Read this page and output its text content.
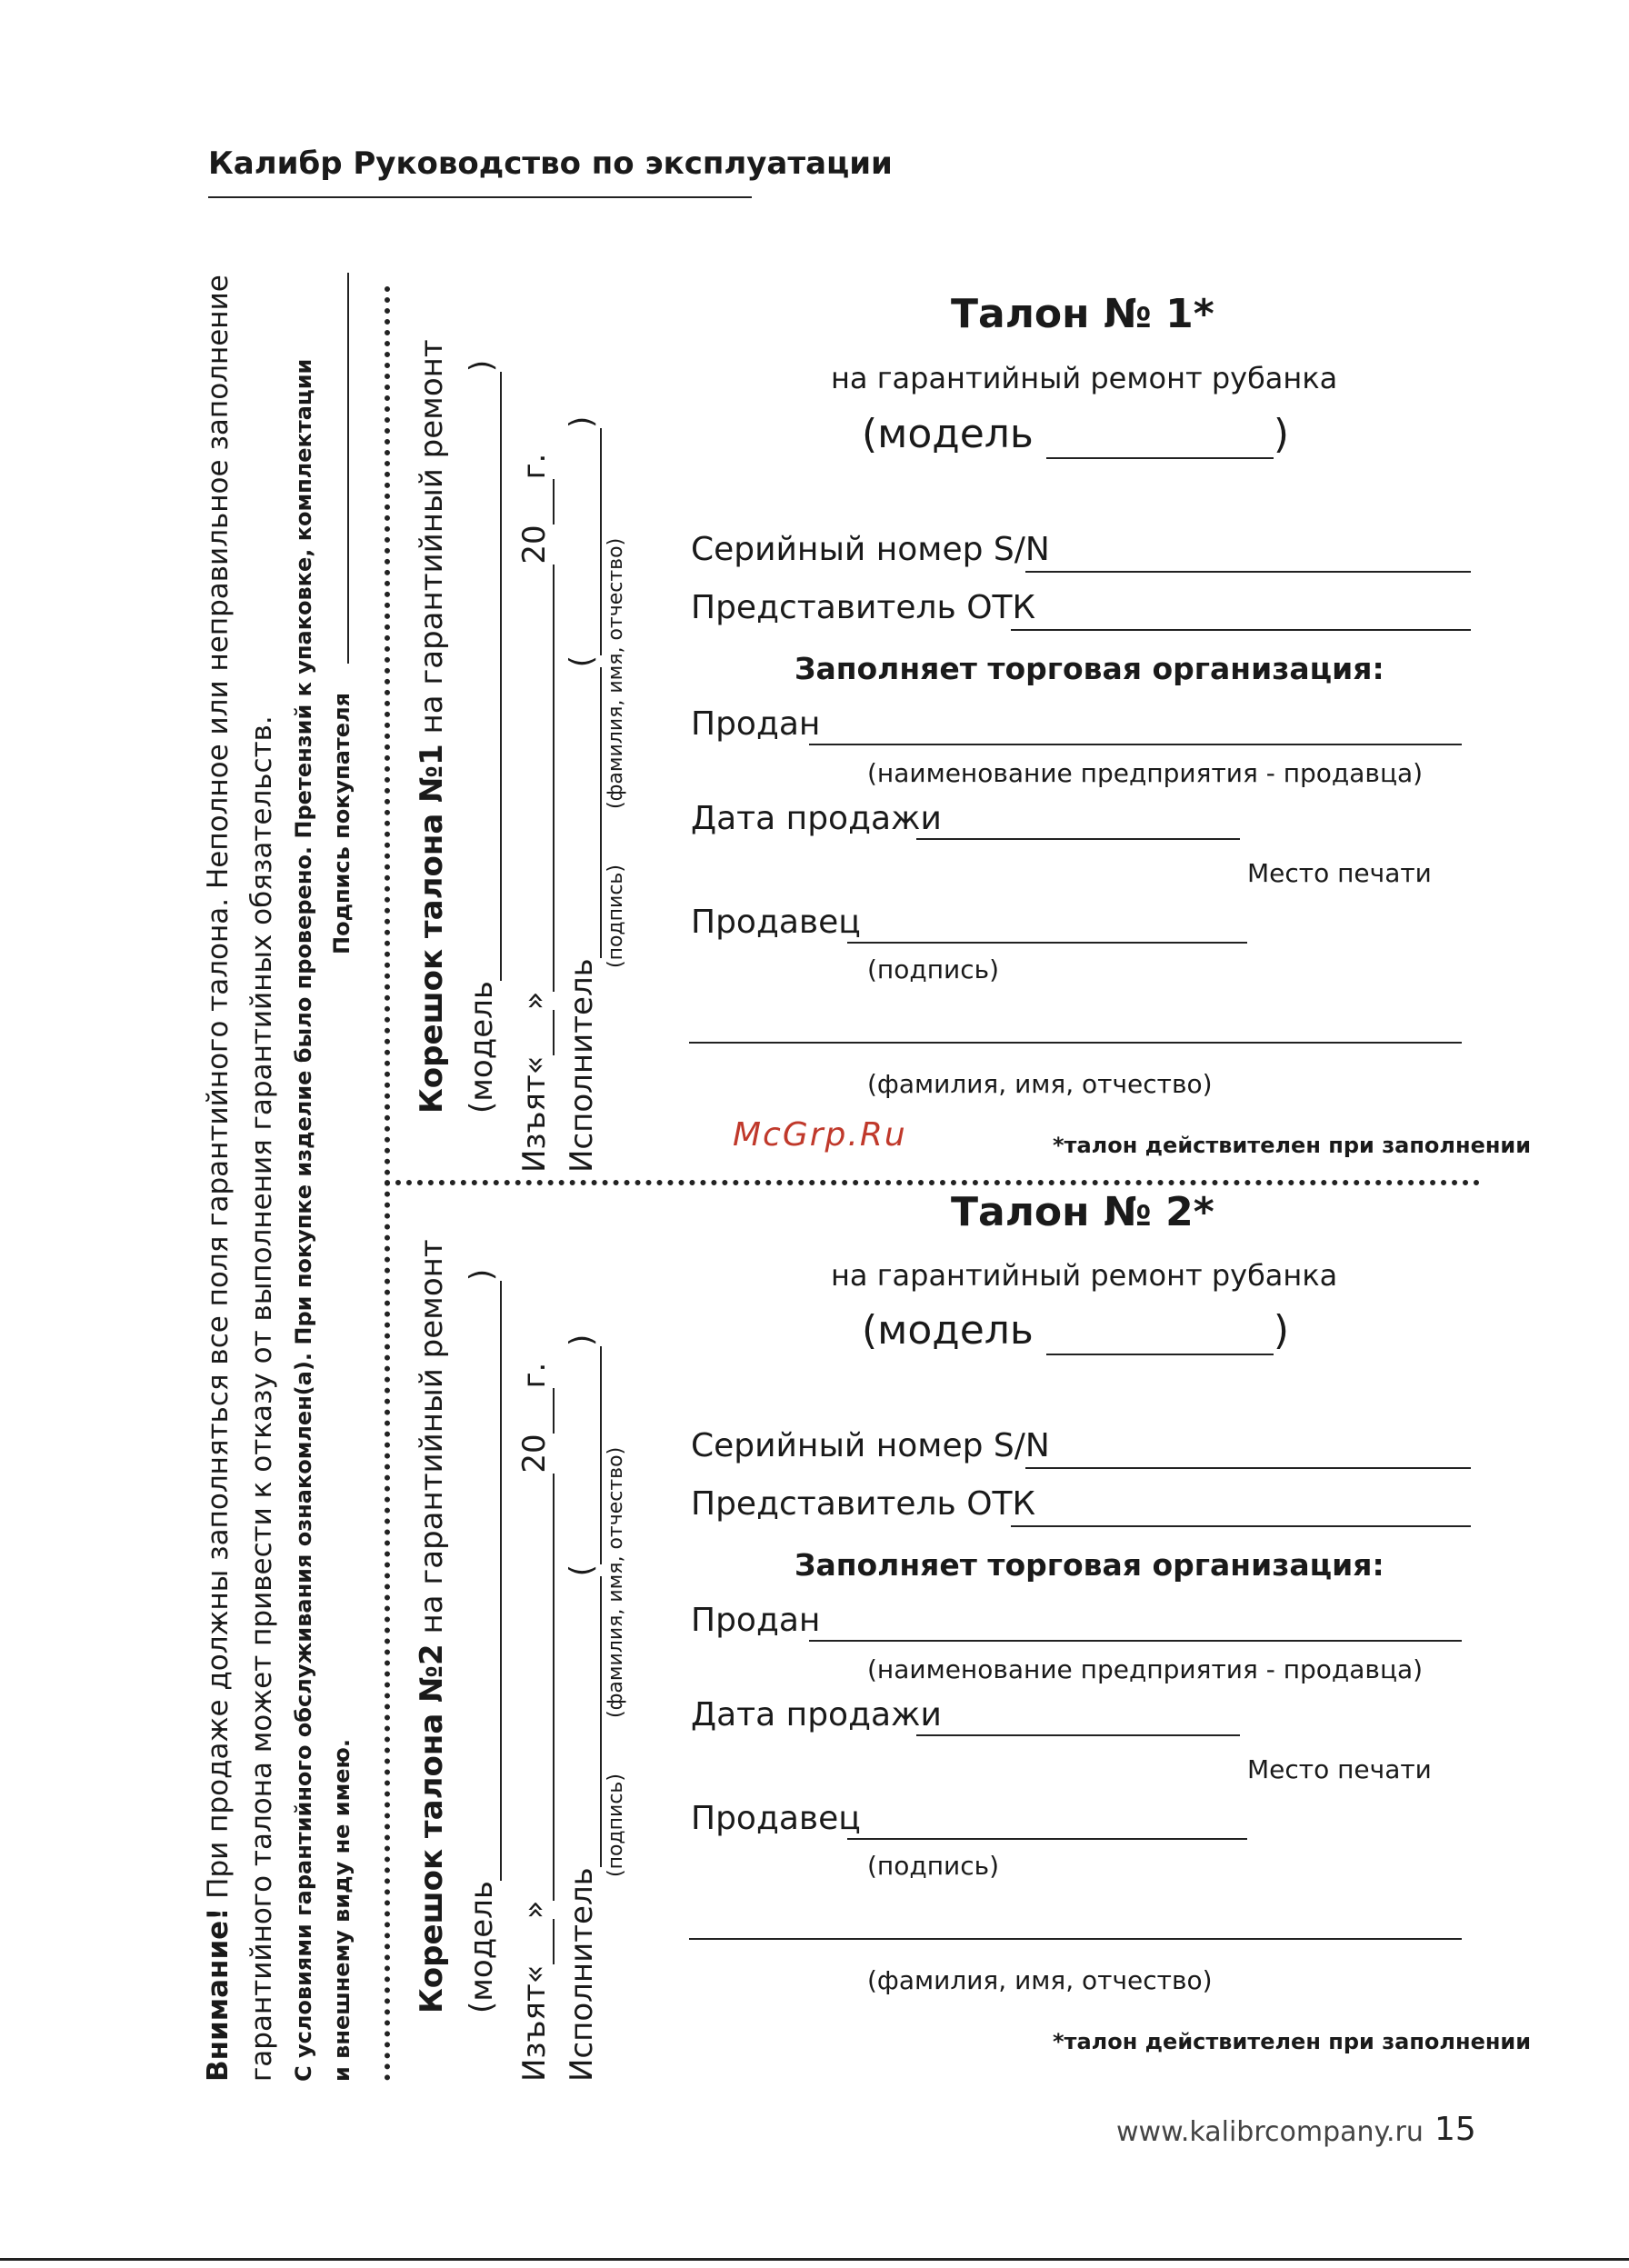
Калибр Руководство по эксплуатации
Внимание! При продаже должны заполняться все поля гарантийного талона. Неполное или неправильное заполнение гарантийного талона может привести к отказу от выполнения гарантийных обязательств. С условиями гарантийного обслуживания ознакомлен(а). При покупке изделие было проверено. Претензий к упаковке, комплектации и внешнему виду не имею.
Подпись покупателя
Корешок талона №2 на гарантийный ремонт
(модель )
Изъят« » 20 г.
Исполнитель  ( )
(подпись)
(фамилия, имя, отчество)
Корешок талона №1 на гарантийный ремонт
(модель )
Изъят« » 20 г.
Исполнитель  ( )
(подпись)
(фамилия, имя, отчество)
Талон № 1*
на гарантийный ремонт рубанка
(модель	)
Серийный номер S/N
Представитель ОТК
Заполняет торговая организация:
Продан
(наименование предприятия - продавца)
Дата продажи
Место печати
Продавец
(подпись)
(фамилия, имя, отчество)
McGrp.Ru	*талон действителен при заполнении
Талон № 2*
на гарантийный ремонт рубанка
(модель	)
Серийный номер S/N
Представитель ОТК
Заполняет торговая организация:
Продан
(наименование предприятия - продавца)
Дата продажи
Место печати
Продавец
(подпись)
(фамилия, имя, отчество)
*талон действителен при заполнении
www.kalibrcompany.ru 15
